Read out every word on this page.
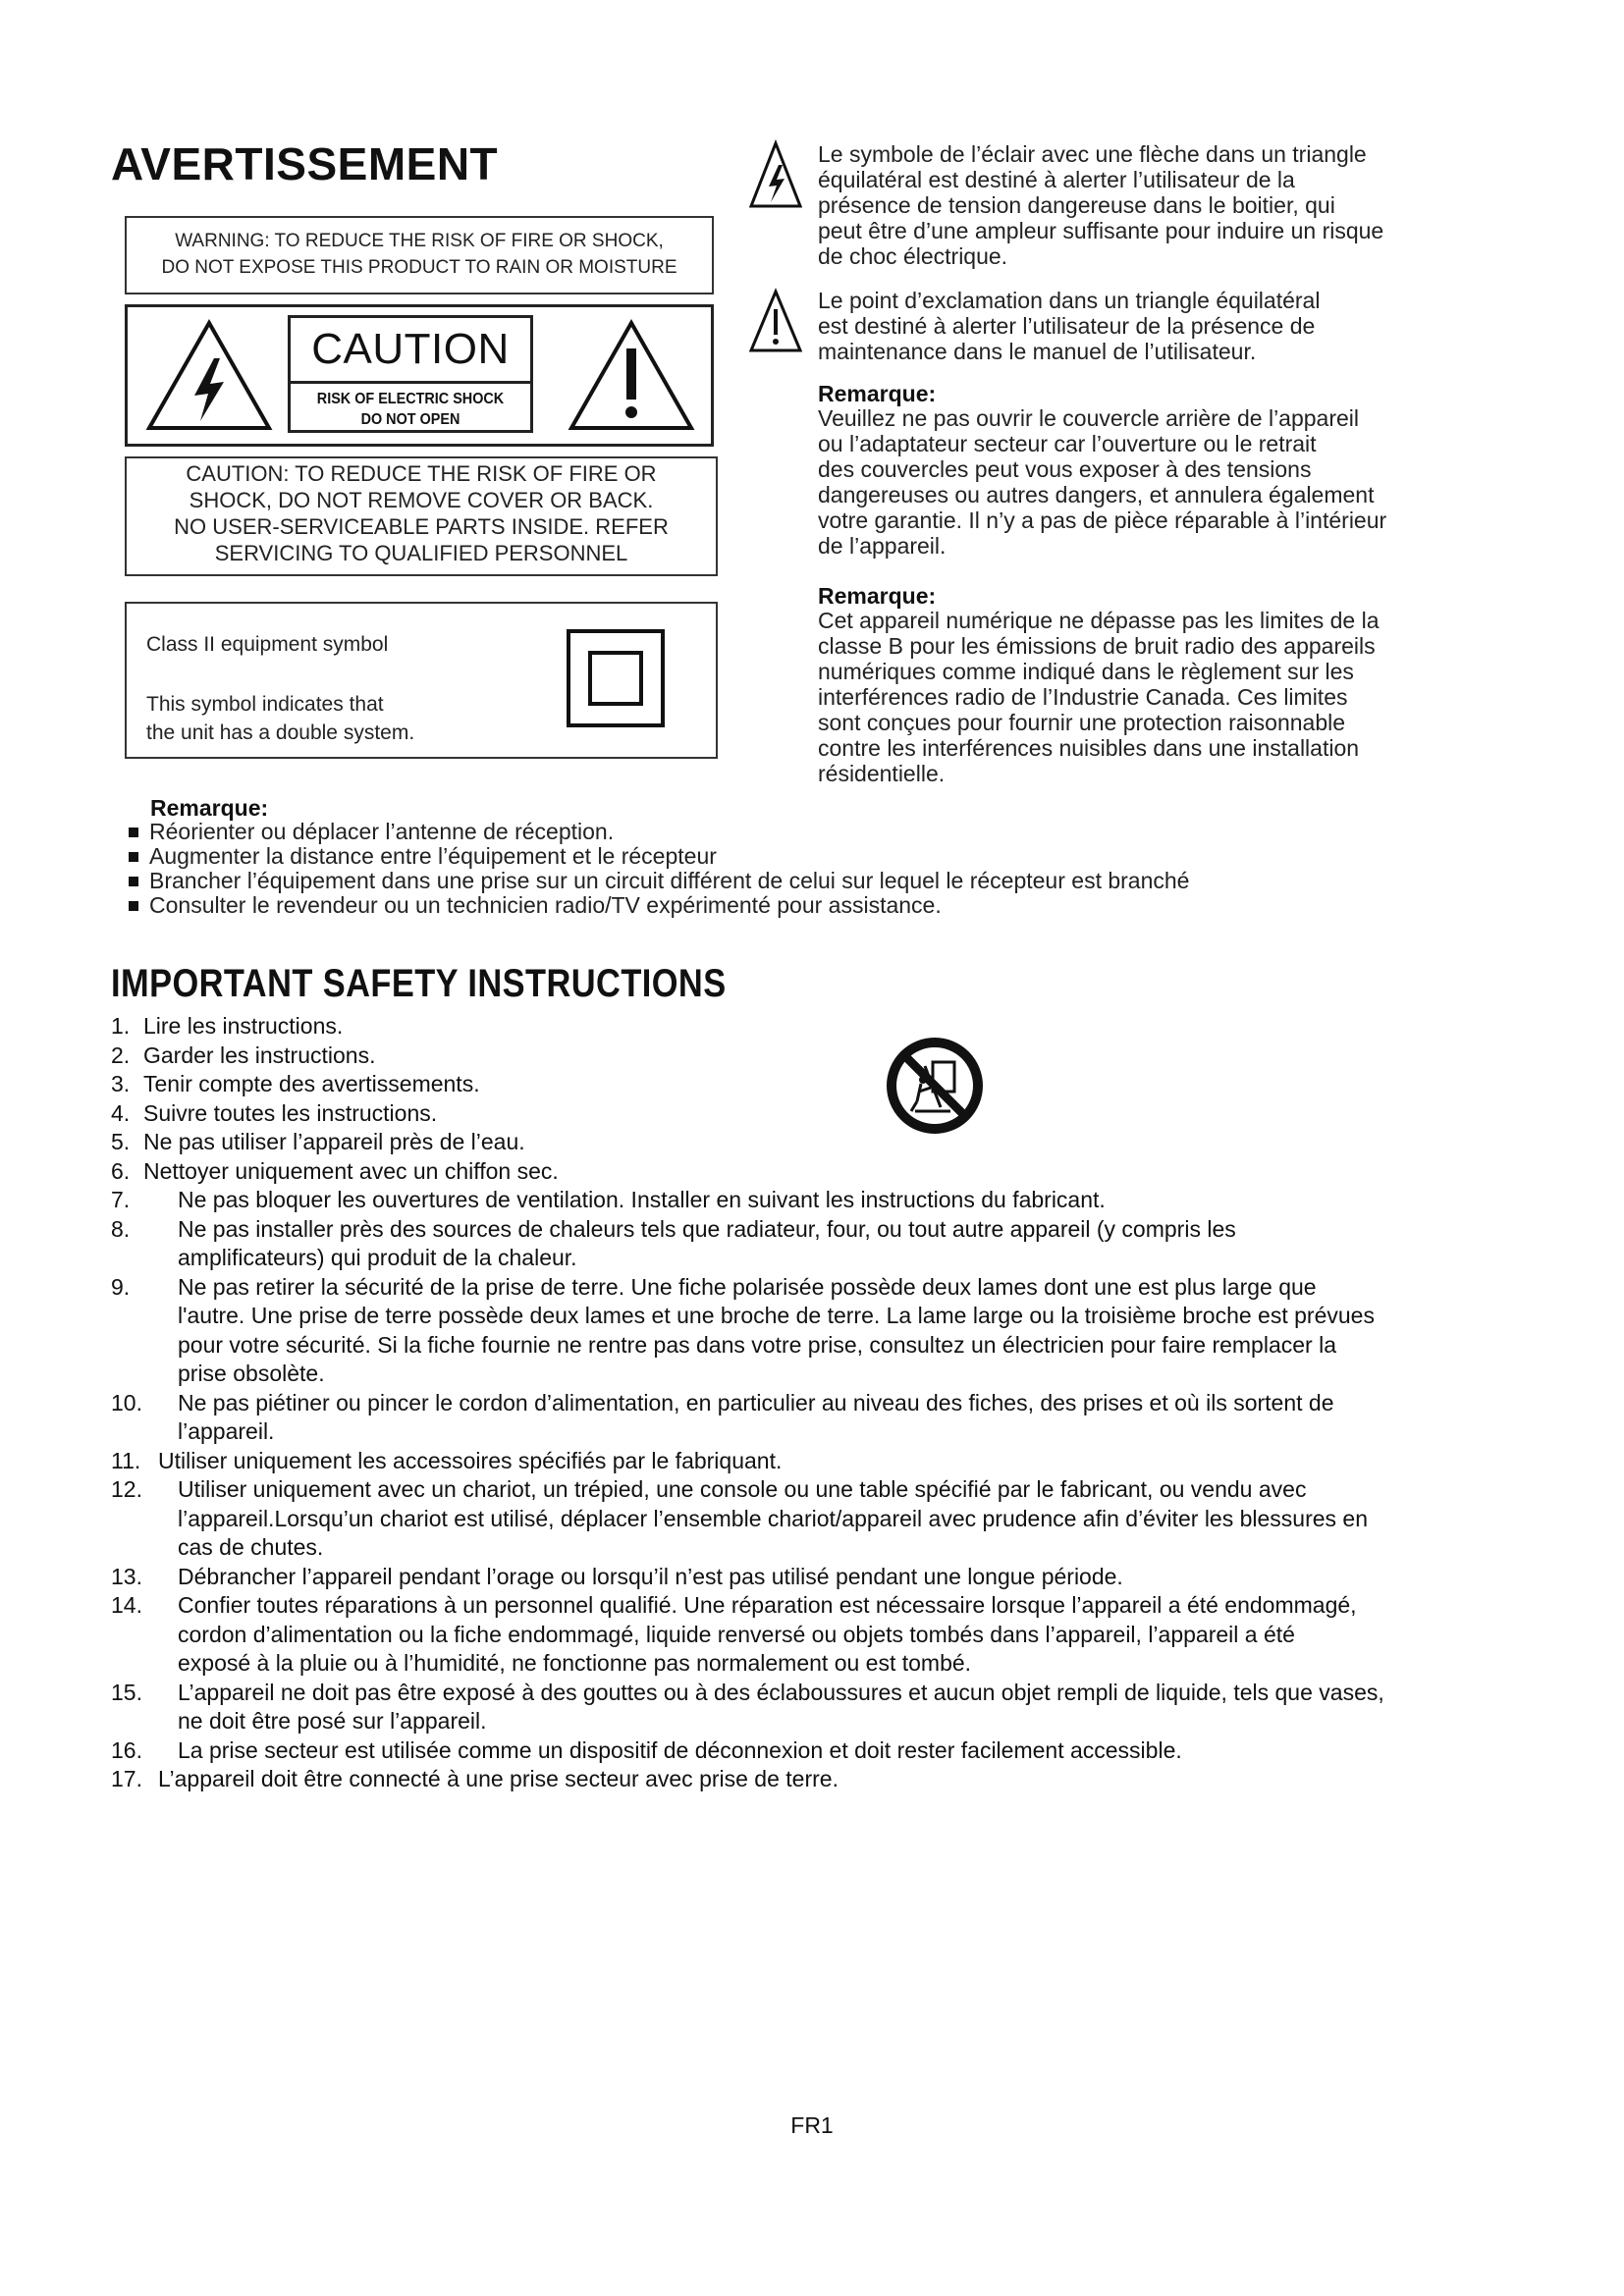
AVERTISSEMENT
WARNING: TO REDUCE THE RISK OF FIRE OR SHOCK,
DO NOT EXPOSE THIS PRODUCT TO RAIN OR MOISTURE
CAUTION
RISK OF ELECTRIC SHOCK
DO NOT OPEN
CAUTION: TO REDUCE THE RISK OF FIRE OR
SHOCK, DO NOT REMOVE COVER OR BACK.
NO USER-SERVICEABLE PARTS INSIDE. REFER
SERVICING TO QUALIFIED PERSONNEL
Class II equipment symbol
This symbol indicates that
the unit has a double system.
Le symbole de l’éclair avec une flèche dans un triangle
équilatéral est destiné à alerter l’utilisateur de la
présence de tension dangereuse dans le boitier, qui
peut être d’une ampleur suffisante pour induire un risque
de choc électrique.
Le point d’exclamation dans un triangle équilatéral
est destiné à alerter l’utilisateur de la présence de
maintenance dans le manuel de l’utilisateur.
Remarque:
Veuillez ne pas ouvrir le couvercle arrière de l’appareil
ou l’adaptateur secteur car l’ouverture ou le retrait
des couvercles peut vous exposer à des tensions
dangereuses ou autres dangers, et annulera également
votre garantie. Il n’y a pas de pièce réparable à l’intérieur
de l’appareil.
Remarque:
Cet appareil numérique ne dépasse pas les limites de la
classe B pour les émissions de bruit radio des appareils
numériques comme indiqué dans le règlement sur les
interférences radio de l’Industrie Canada. Ces limites
sont conçues pour fournir une protection raisonnable
contre les interférences nuisibles dans une installation
résidentielle.
Remarque:
Réorienter ou déplacer l’antenne de réception.
Augmenter la distance entre l’équipement et le récepteur
Brancher l’équipement dans une prise sur un circuit différent de celui sur lequel le récepteur est branché
Consulter le revendeur ou un technicien radio/TV expérimenté pour assistance.
IMPORTANT SAFETY INSTRUCTIONS
1. Lire les instructions.
2. Garder les instructions.
3. Tenir compte des avertissements.
4. Suivre toutes les instructions.
5. Ne pas utiliser l’appareil près de l’eau.
6. Nettoyer uniquement avec un chiffon sec.
7.	Ne pas bloquer les ouvertures de ventilation. Installer en suivant les instructions du fabricant.
8.	Ne pas installer près des sources de chaleurs tels que radiateur, four, ou tout autre appareil (y compris les
amplificateurs) qui produit de la chaleur.
9.	Ne pas retirer la sécurité de la prise de terre. Une fiche polarisée possède deux lames dont une est plus large que
l'autre. Une prise de terre possède deux lames et une broche de terre. La lame large ou la troisième broche est prévues
pour votre sécurité. Si la fiche fournie ne rentre pas dans votre prise, consultez un électricien pour faire remplacer la
prise obsolète.
10.	Ne pas piétiner ou pincer le cordon d’alimentation, en particulier au niveau des fiches, des prises et où ils sortent de
l’appareil.
11. Utiliser uniquement les accessoires spécifiés par le fabriquant.
12.	Utiliser uniquement avec un chariot, un trépied, une console ou une table spécifié par le fabricant, ou vendu avec
l’appareil.Lorsqu’un chariot est utilisé, déplacer l’ensemble chariot/appareil avec prudence afin d’éviter les blessures en
cas de chutes.
13.	Débrancher l’appareil pendant l’orage ou lorsqu’il n’est pas utilisé pendant une longue période.
14.	Confier toutes réparations à un personnel qualifié. Une réparation est nécessaire lorsque l’appareil a été endommagé,
cordon d’alimentation ou la fiche endommagé, liquide renversé ou objets tombés dans l’appareil, l’appareil a été
exposé à la pluie ou à l’humidité, ne fonctionne pas normalement ou est tombé.
15.	L’appareil ne doit pas être exposé à des gouttes ou à des éclaboussures et aucun objet rempli de liquide, tels que vases,
ne doit être posé sur l’appareil.
16.	La prise secteur est utilisée comme un dispositif de déconnexion et doit rester facilement accessible.
17. L’appareil doit être connecté à une prise secteur avec prise de terre.
FR1
